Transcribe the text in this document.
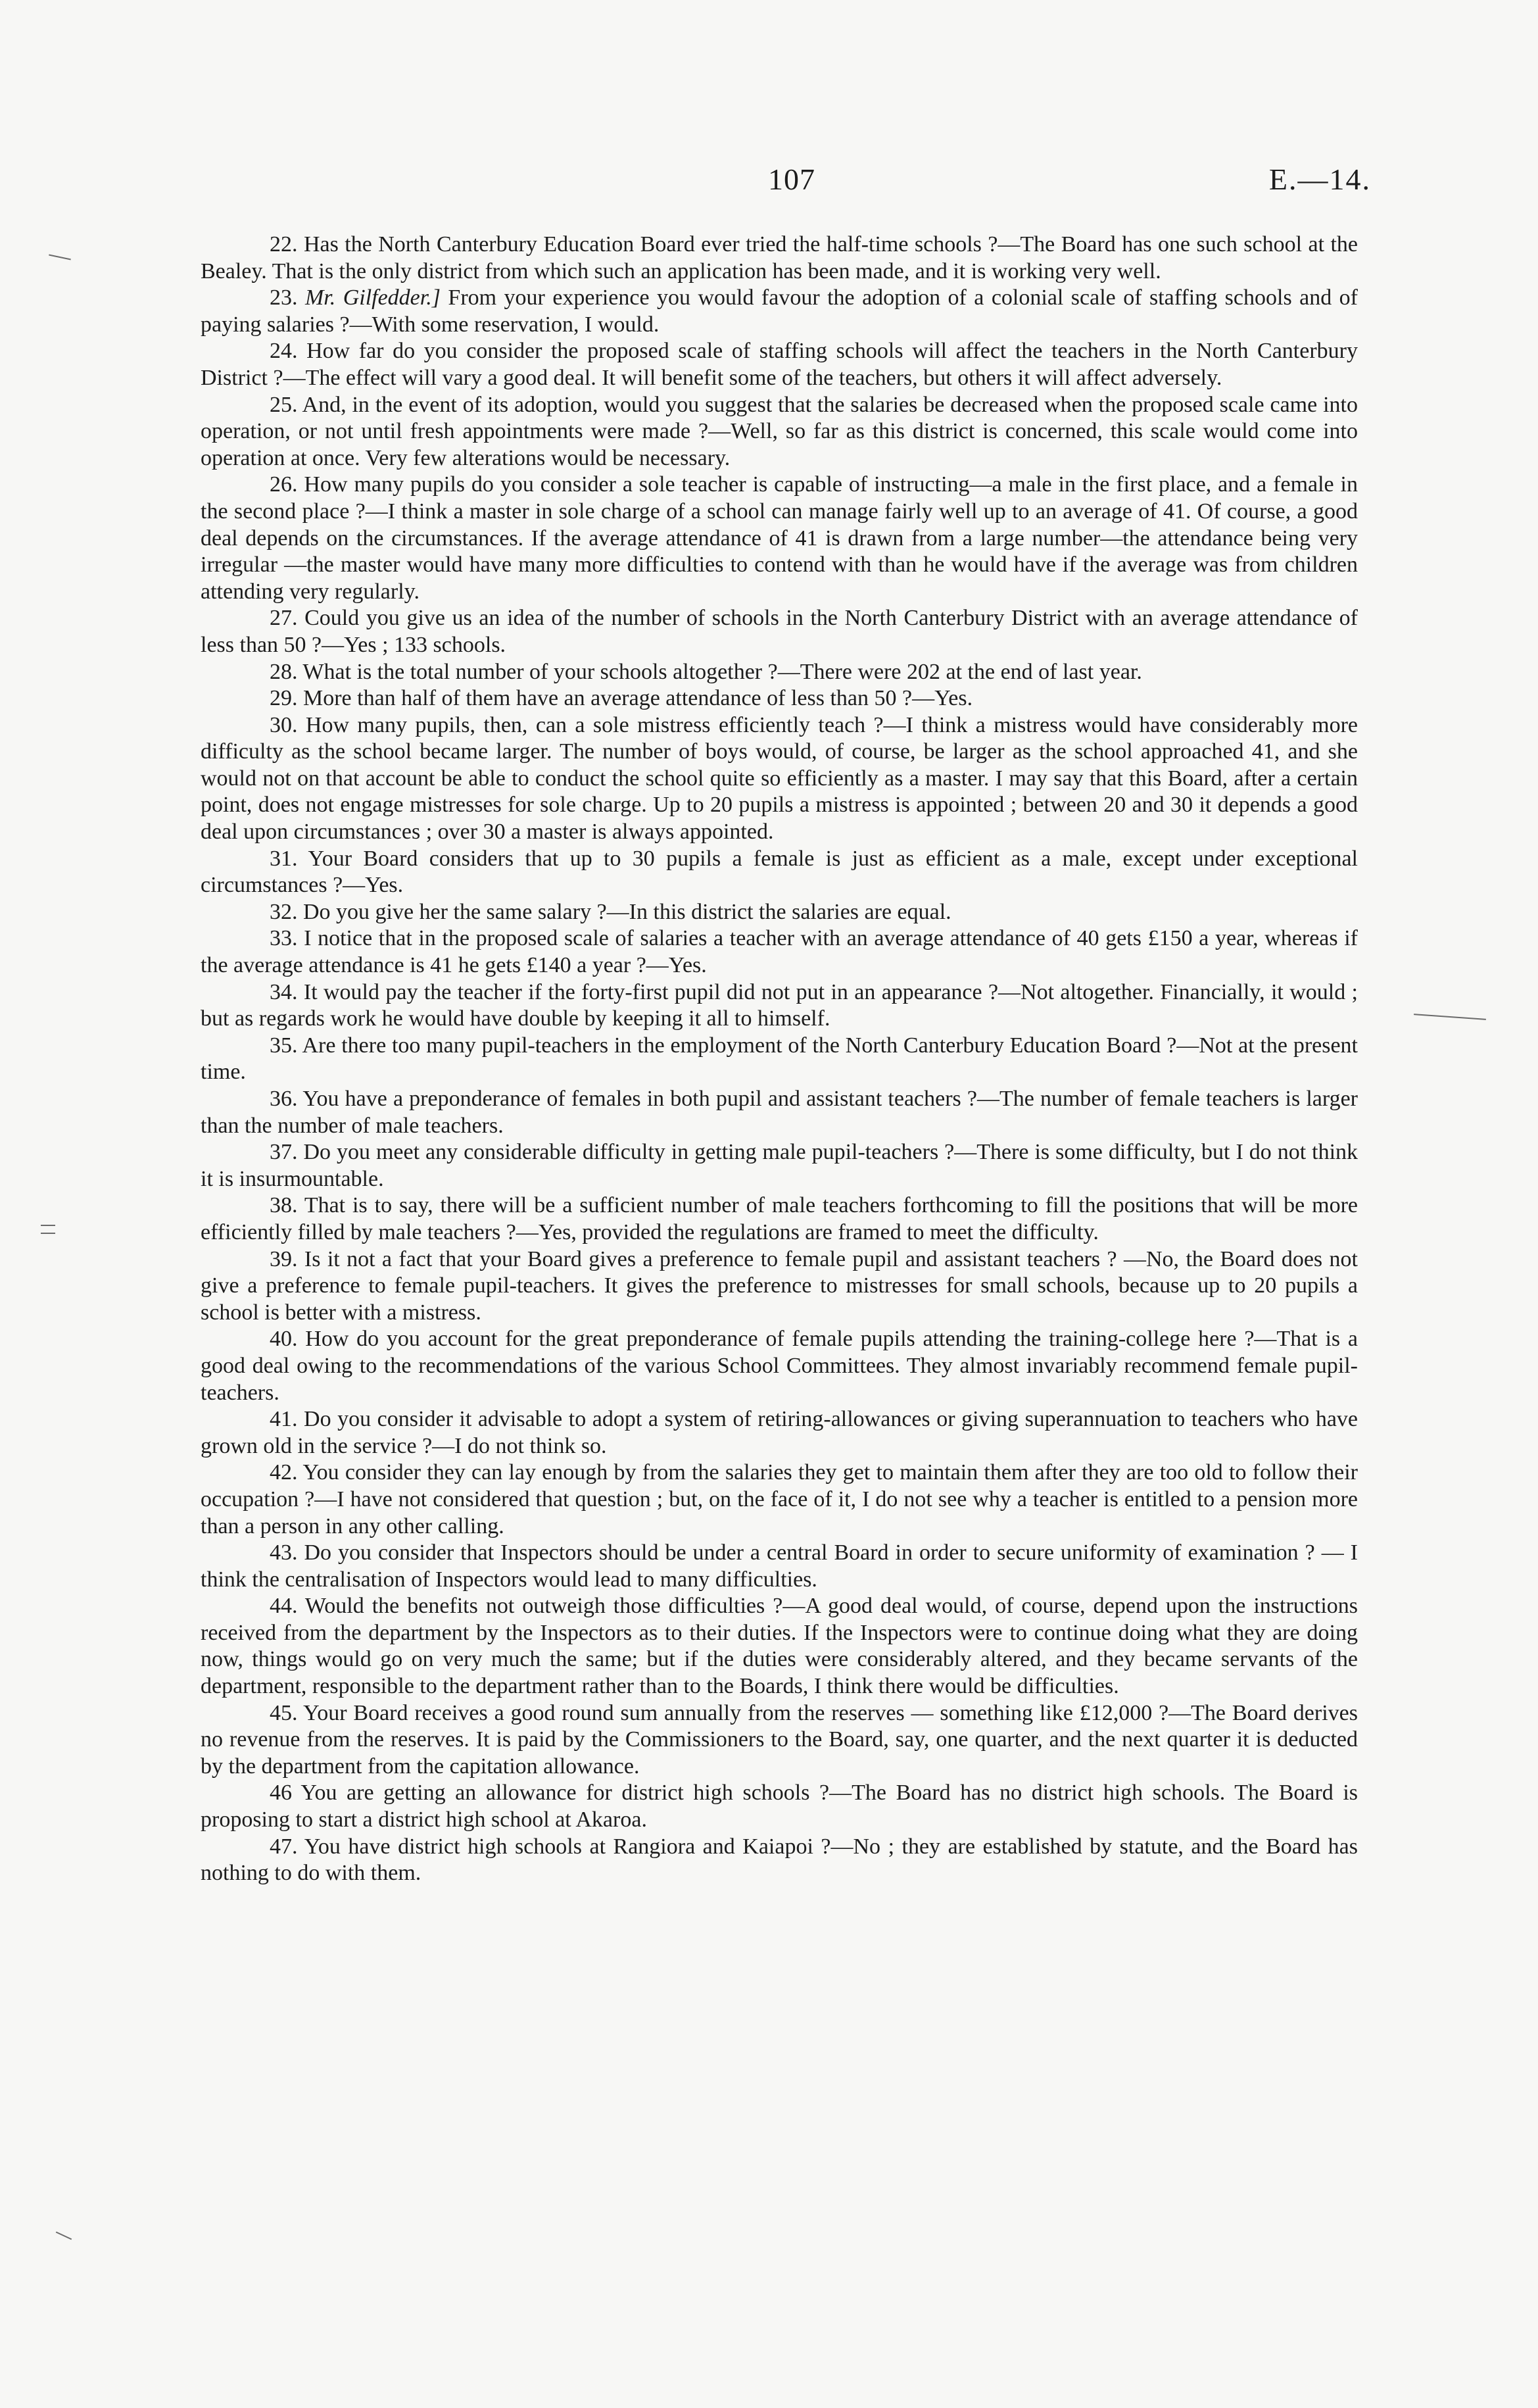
107	E.—14.

22. Has the North Canterbury Education Board ever tried the half-time schools ?—The Board has one such school at the Bealey. That is the only district from which such an application has been made, and it is working very well.

23. Mr. Gilfedder.] From your experience you would favour the adoption of a colonial scale of staffing schools and of paying salaries ?—With some reservation, I would.

24. How far do you consider the proposed scale of staffing schools will affect the teachers in the North Canterbury District ?—The effect will vary a good deal. It will benefit some of the teachers, but others it will affect adversely.

25. And, in the event of its adoption, would you suggest that the salaries be decreased when the proposed scale came into operation, or not until fresh appointments were made ?—Well, so far as this district is concerned, this scale would come into operation at once. Very few alterations would be necessary.

26. How many pupils do you consider a sole teacher is capable of instructing—a male in the first place, and a female in the second place ?—I think a master in sole charge of a school can manage fairly well up to an average of 41. Of course, a good deal depends on the circumstances. If the average attendance of 41 is drawn from a large number—the attendance being very irregular —the master would have many more difficulties to contend with than he would have if the average was from children attending very regularly.

27. Could you give us an idea of the number of schools in the North Canterbury District with an average attendance of less than 50 ?—Yes ; 133 schools.

28. What is the total number of your schools altogether ?—There were 202 at the end of last year.

29. More than half of them have an average attendance of less than 50 ?—Yes.

30. How many pupils, then, can a sole mistress efficiently teach ?—I think a mistress would have considerably more difficulty as the school became larger. The number of boys would, of course, be larger as the school approached 41, and she would not on that account be able to conduct the school quite so efficiently as a master. I may say that this Board, after a certain point, does not engage mistresses for sole charge. Up to 20 pupils a mistress is appointed ; between 20 and 30 it depends a good deal upon circumstances ; over 30 a master is always appointed.

31. Your Board considers that up to 30 pupils a female is just as efficient as a male, except under exceptional circumstances ?—Yes.

32. Do you give her the same salary ?—In this district the salaries are equal.

33. I notice that in the proposed scale of salaries a teacher with an average attendance of 40 gets £150 a year, whereas if the average attendance is 41 he gets £140 a year ?—Yes.

34. It would pay the teacher if the forty-first pupil did not put in an appearance ?—Not altogether. Financially, it would ; but as regards work he would have double by keeping it all to himself.

35. Are there too many pupil-teachers in the employment of the North Canterbury Education Board ?—Not at the present time.

36. You have a preponderance of females in both pupil and assistant teachers ?—The number of female teachers is larger than the number of male teachers.

37. Do you meet any considerable difficulty in getting male pupil-teachers ?—There is some difficulty, but I do not think it is insurmountable.

38. That is to say, there will be a sufficient number of male teachers forthcoming to fill the positions that will be more efficiently filled by male teachers ?—Yes, provided the regulations are framed to meet the difficulty.

39. Is it not a fact that your Board gives a preference to female pupil and assistant teachers ? —No, the Board does not give a preference to female pupil-teachers. It gives the preference to mistresses for small schools, because up to 20 pupils a school is better with a mistress.

40. How do you account for the great preponderance of female pupils attending the training-college here ?—That is a good deal owing to the recommendations of the various School Committees. They almost invariably recommend female pupil-teachers.

41. Do you consider it advisable to adopt a system of retiring-allowances or giving superannuation to teachers who have grown old in the service ?—I do not think so.

42. You consider they can lay enough by from the salaries they get to maintain them after they are too old to follow their occupation ?—I have not considered that question ; but, on the face of it, I do not see why a teacher is entitled to a pension more than a person in any other calling.

43. Do you consider that Inspectors should be under a central Board in order to secure uniformity of examination ? — I think the centralisation of Inspectors would lead to many difficulties.

44. Would the benefits not outweigh those difficulties ?—A good deal would, of course, depend upon the instructions received from the department by the Inspectors as to their duties. If the Inspectors were to continue doing what they are doing now, things would go on very much the same; but if the duties were considerably altered, and they became servants of the department, responsible to the department rather than to the Boards, I think there would be difficulties.

45. Your Board receives a good round sum annually from the reserves — something like £12,000 ?—The Board derives no revenue from the reserves. It is paid by the Commissioners to the Board, say, one quarter, and the next quarter it is deducted by the department from the capitation allowance.

46 You are getting an allowance for district high schools ?—The Board has no district high schools. The Board is proposing to start a district high school at Akaroa.

47. You have district high schools at Rangiora and Kaiapoi ?—No ; they are established by statute, and the Board has nothing to do with them.
